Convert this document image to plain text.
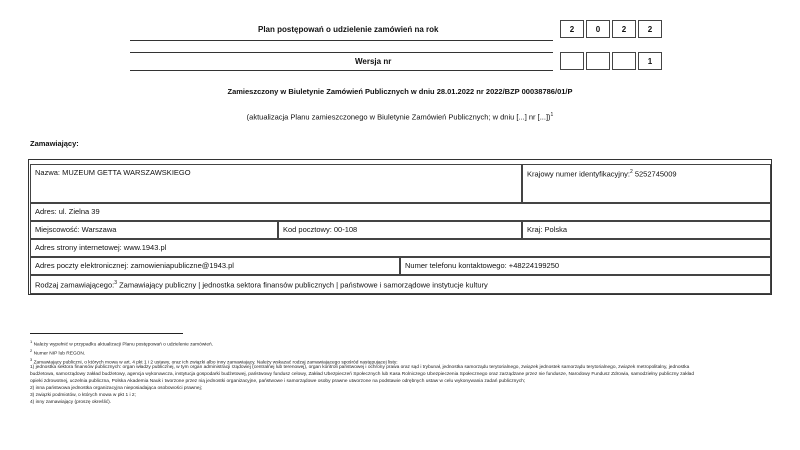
Plan postępowań o udzielenie zamówień na rok	2	0	2	2
Wersja nr	1
Zamieszczony w Biuletynie Zamówień Publicznych w dniu 28.01.2022 nr 2022/BZP 00038786/01/P
(aktualizacja Planu zamieszczonego w Biuletynie Zamówień Publicznych; w dniu [...] nr [...])$^1$
Zamawiający:
Nazwa: MUZEUM GETTA WARSZAWSKIEGO	Krajowy numer identyfikacyjny:$^2$ 5252745009
Adres: ul. Zielna 39
Miejscowość: Warszawa	Kod pocztowy: 00-108	Kraj: Polska
Adres strony internetowej: www.1943.pl
Adres poczty elektronicznej: zamowieniapubliczne@1943.pl	Numer telefonu kontaktowego: +48224199250
Rodzaj zamawiającego:$^3$ Zamawiający publiczny | jednostka sektora finansów publicznych | państwowe i samorządowe instytucje kultury
$^1$ Należy wypełnić w przypadku aktualizacji Planu postępowań o udzielenie zamówień.
$^2$ Numer NIP lub REGON.
$^3$ Zamawiający publiczni, o których mowa w art. 4 pkt 1 i 2 ustawy, oraz ich związki albo inny zamawiający. Należy wskazać rodzaj zamawiającego spośród następującej listy:
1) jednostka sektora finansów publicznych: organ władzy publicznej, w tym organ administracji rządowej (centralnej lub terenowej), organ kontroli państwowej i ochrony prawa oraz sąd i trybunał, jednostka samorządu terytorialnego, związek jednostek samorządu terytorialnego, związek metropolitalny, jednostka
budżetowa, samorządowy zakład budżetowy, agencja wykonawcza, instytucja gospodarki budżetowej, państwowy fundusz celowy, Zakład Ubezpieczeń Społecznych lub Kasa Rolniczego Ubezpieczenia Społecznego oraz zarządzane przez nie fundusze, Narodowy Fundusz Zdrowia, samodzielny publiczny zakład
opieki zdrowotnej, uczelnia publiczna, Polska Akademia Nauk i tworzone przez nią jednostki organizacyjne, państwowe i samorządowe osoby prawne utworzone na podstawie odrębnych ustaw w celu wykonywania zadań publicznych;
2) inna państwowa jednostka organizacyjna nieposiadająca osobowości prawnej;
3) związki podmiotów, o których mowa w pkt 1 i 2;
4) inny zamawiający (proszę określić).
